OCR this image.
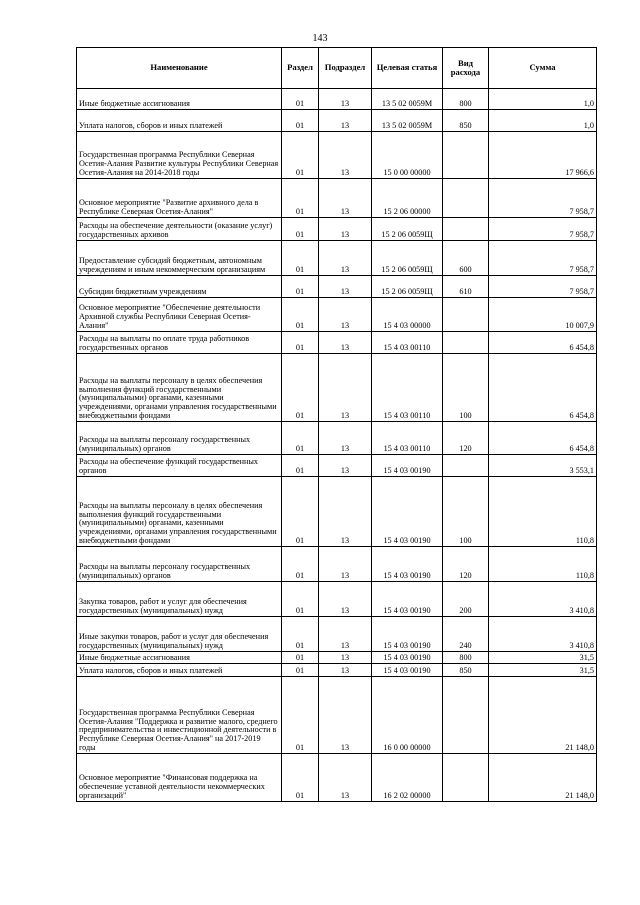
143
Наименование	Раздел	Подраздел	Целевая статья	Вид расхода	Сумма
Иные бюджетные ассигнования	01	13	13 5 02 0059М	800	1,0
Уплата налогов, сборов и иных платежей	01	13	13 5 02 0059М	850	1,0
Государственная программа Республики Северная Осетия-Алания Развитие культуры Республики Северная Осетия-Алания на 2014-2018 годы	01	13	15 0 00 00000		17 966,6
Основное мероприятие "Развитие архивного дела в Республике Северная Осетия-Алания"	01	13	15 2 06 00000		7 958,7
Расходы на обеспечение деятельности (оказание услуг) государственных архивов	01	13	15 2 06 0059Щ		7 958,7
Предоставление субсидий бюджетным, автономным учреждениям и иным некоммерческим организациям	01	13	15 2 06 0059Щ	600	7 958,7
Субсидии бюджетным учреждениям	01	13	15 2 06 0059Щ	610	7 958,7
Основное мероприятие "Обеспечение деятельности Архивной службы Республики Северная Осетия-Алания"	01	13	15 4 03 00000		10 007,9
Расходы на выплаты по оплате труда работников государственных органов	01	13	15 4 03 00110		6 454,8
Расходы на выплаты персоналу в целях обеспечения выполнения функций государственными (муниципальными) органами, казенными учреждениями, органами управления государственными внебюджетными фондами	01	13	15 4 03 00110	100	6 454,8
Расходы на выплаты персоналу государственных (муниципальных) органов	01	13	15 4 03 00110	120	6 454,8
Расходы на обеспечение функций государственных органов	01	13	15 4 03 00190		3 553,1
Расходы на выплаты персоналу в целях обеспечения выполнения функций государственными (муниципальными) органами, казенными учреждениями, органами управления государственными внебюджетными фондами	01	13	15 4 03 00190	100	110,8
Расходы на выплаты персоналу государственных (муниципальных) органов	01	13	15 4 03 00190	120	110,8
Закупка товаров, работ и услуг для обеспечения государственных (муниципальных) нужд	01	13	15 4 03 00190	200	3 410,8
Иные закупки товаров, работ и услуг для обеспечения государственных (муниципальных) нужд	01	13	15 4 03 00190	240	3 410,8
Иные бюджетные ассигнования	01	13	15 4 03 00190	800	31,5
Уплата налогов, сборов и иных платежей	01	13	15 4 03 00190	850	31,5
Государственная программа Республики Северная Осетия-Алания "Поддержка и развитие малого, среднего предпринимательства и инвестиционной деятельности в Республике Северная Осетия-Алания" на 2017-2019 годы	01	13	16 0 00 00000		21 148,0
Основное мероприятие "Финансовая поддержка на обеспечение уставной деятельности некоммерческих организаций"	01	13	16 2 02 00000		21 148,0
